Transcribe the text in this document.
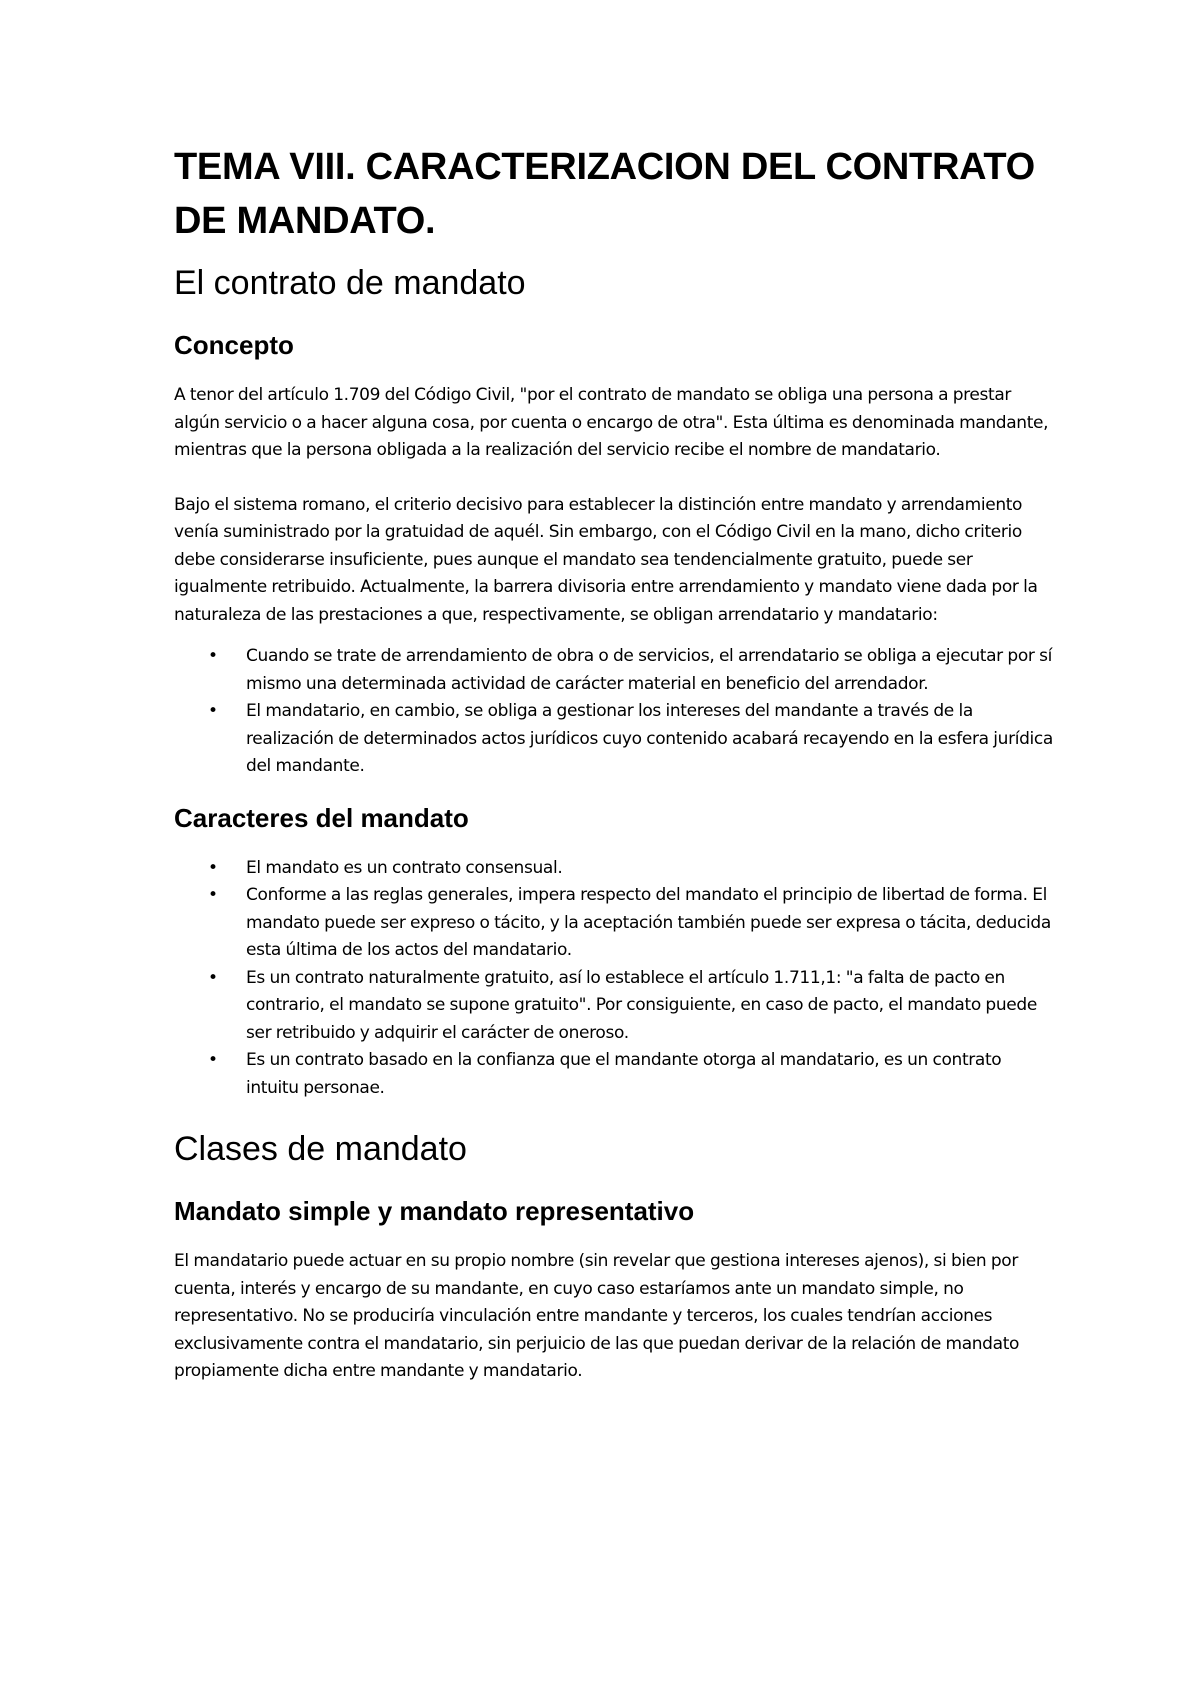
TEMA VIII. CARACTERIZACION DEL CONTRATO DE MANDATO.
El contrato de mandato
Concepto

A tenor del artículo 1.709 del Código Civil, "por el contrato de mandato se obliga una persona a prestar algún servicio o a hacer alguna cosa, por cuenta o encargo de otra". Esta última es denominada mandante, mientras que la persona obligada a la realización del servicio recibe el nombre de mandatario.

Bajo el sistema romano, el criterio decisivo para establecer la distinción entre mandato y arrendamiento venía suministrado por la gratuidad de aquél. Sin embargo, con el Código Civil en la mano, dicho criterio debe considerarse insuficiente, pues aunque el mandato sea tendencialmente gratuito, puede ser igualmente retribuido. Actualmente, la barrera divisoria entre arrendamiento y mandato viene dada por la naturaleza de las prestaciones a que, respectivamente, se obligan arrendatario y mandatario:

• Cuando se trate de arrendamiento de obra o de servicios, el arrendatario se obliga a ejecutar por sí mismo una determinada actividad de carácter material en beneficio del arrendador.
• El mandatario, en cambio, se obliga a gestionar los intereses del mandante a través de la realización de determinados actos jurídicos cuyo contenido acabará recayendo en la esfera jurídica del mandante.
Caracteres del mandato
• El mandato es un contrato consensual.
• Conforme a las reglas generales, impera respecto del mandato el principio de libertad de forma. El mandato puede ser expreso o tácito, y la aceptación también puede ser expresa o tácita, deducida esta última de los actos del mandatario.
• Es un contrato naturalmente gratuito, así lo establece el artículo 1.711,1: "a falta de pacto en contrario, el mandato se supone gratuito". Por consiguiente, en caso de pacto, el mandato puede ser retribuido y adquirir el carácter de oneroso.
• Es un contrato basado en la confianza que el mandante otorga al mandatario, es un contrato intuitu personae.
Clases de mandato
Mandato simple y mandato representativo

El mandatario puede actuar en su propio nombre (sin revelar que gestiona intereses ajenos), si bien por cuenta, interés y encargo de su mandante, en cuyo caso estaríamos ante un mandato simple, no representativo. No se produciría vinculación entre mandante y terceros, los cuales tendrían acciones exclusivamente contra el mandatario, sin perjuicio de las que puedan derivar de la relación de mandato propiamente dicha entre mandante y mandatario.
